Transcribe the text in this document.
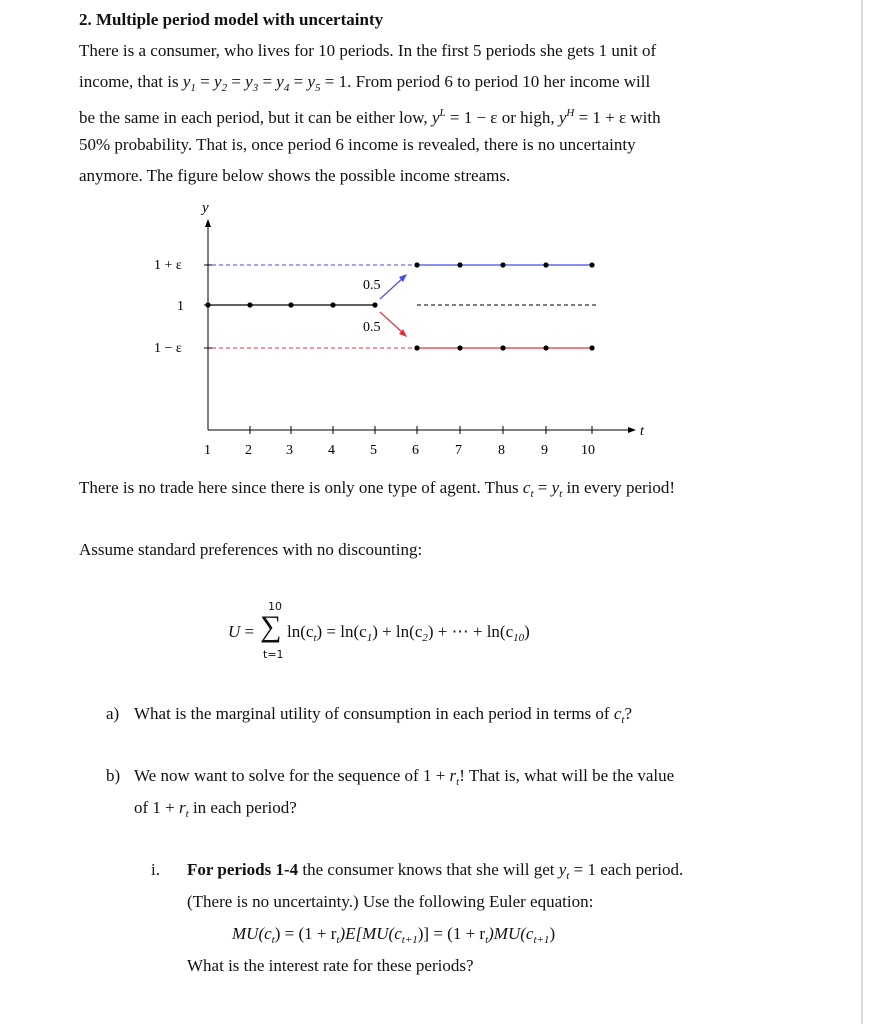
2. Multiple period model with uncertainty
There is a consumer, who lives for 10 periods. In the first 5 periods she gets 1 unit of
income, that is $y_1 = y_2 = y_3 = y_4 = y_5 = 1$. From period 6 to period 10 her income will
be the same in each period, but it can be either low, $y^L = 1 - \varepsilon$ or high, $y^H = 1 + \varepsilon$ with
50% probability. That is, once period 6 income is revealed, there is no uncertainty
anymore. The figure below shows the possible income streams.
y
t
1 + ε
1
1 − ε
0.5
0.5
1 2 3	4	5	6	7	8	9 10
There is no trade here since there is only one type of agent. Thus $c_t = y_t$ in every period!
Assume standard preferences with no discounting:
10
U = ∑
t=1
$\ln(c_t) = \ln(c_1) + \ln(c_2)$ + ⋯ + $\ln(c_{10})$
a) What is the marginal utility of consumption in each period in terms of $c_t$?
b) We now want to solve for the sequence of $1 + r_t$! That is, what will be the value
of $1 + r_t$ in each period?
i. For periods 1-4 the consumer knows that she will get $y_t = 1$ each period.
(There is no uncertainty.) Use the following Euler equation:
$MU(c_t) = (1 + r_t)E[MU(c_{t+1})] = (1 + r_t)MU(c_{t+1})$
What is the interest rate for these periods?
